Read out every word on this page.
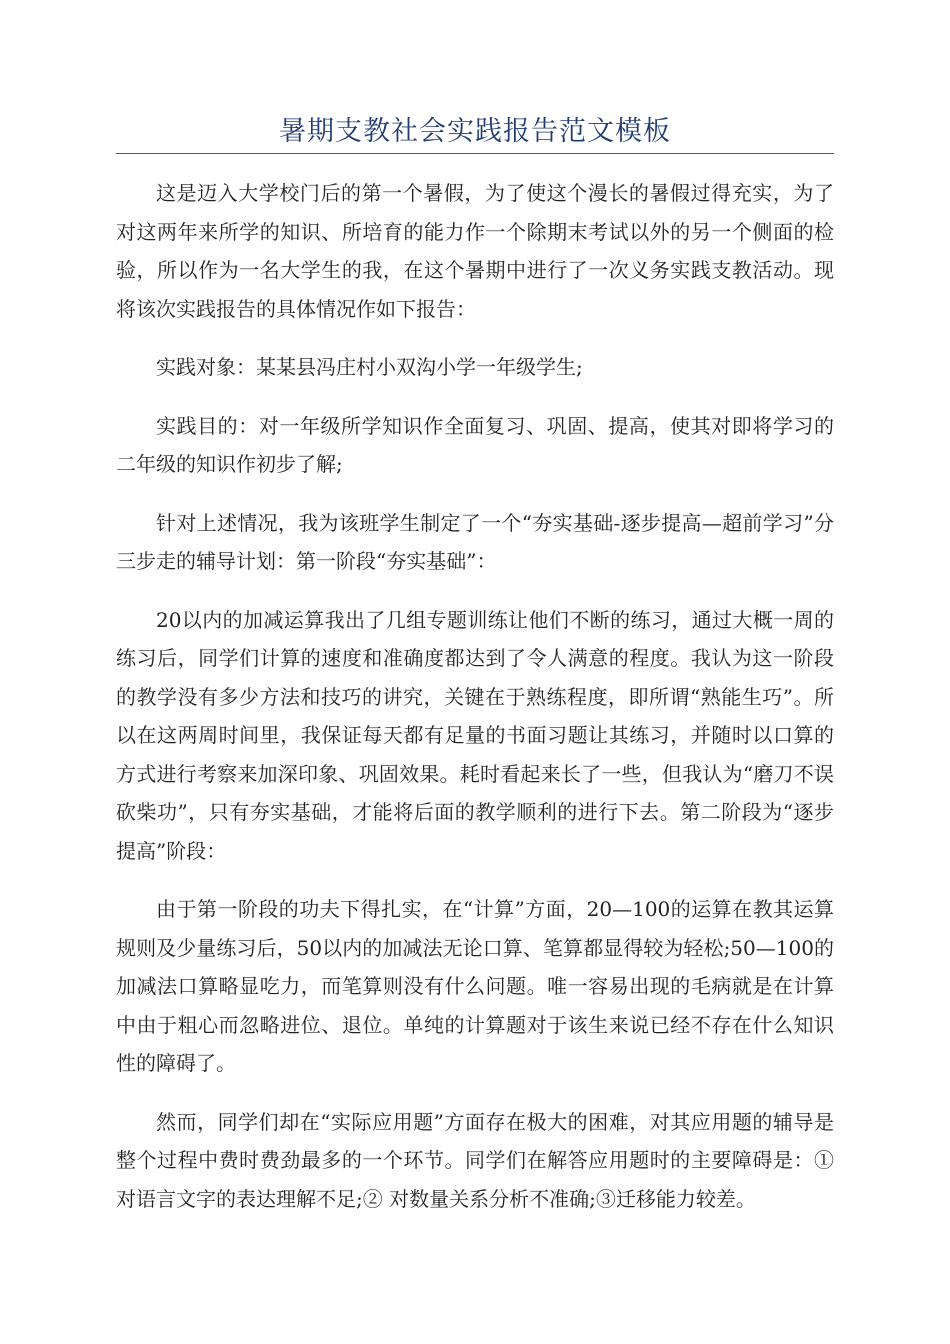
暑期支教社会实践报告范文模板

这是迈入大学校门后的第一个暑假，为了使这个漫长的暑假过得充实，为了对这两年来所学的知识、所培育的能力作一个除期末考试以外的另一个侧面的检验，所以作为一名大学生的我，在这个暑期中进行了一次义务实践支教活动。现将该次实践报告的具体情况作如下报告：

实践对象：某某县冯庄村小双沟小学一年级学生;

实践目的：对一年级所学知识作全面复习、巩固、提高，使其对即将学习的二年级的知识作初步了解;

针对上述情况，我为该班学生制定了一个“夯实基础-逐步提高—超前学习”分三步走的辅导计划：第一阶段“夯实基础”：

20以内的加减运算我出了几组专题训练让他们不断的练习，通过大概一周的练习后，同学们计算的速度和准确度都达到了令人满意的程度。我认为这一阶段的教学没有多少方法和技巧的讲究，关键在于熟练程度，即所谓“熟能生巧”。所以在这两周时间里，我保证每天都有足量的书面习题让其练习，并随时以口算的方式进行考察来加深印象、巩固效果。耗时看起来长了一些，但我认为“磨刀不误砍柴功”，只有夯实基础，才能将后面的教学顺利的进行下去。第二阶段为“逐步提高”阶段：

由于第一阶段的功夫下得扎实，在“计算”方面，20—100的运算在教其运算规则及少量练习后，50以内的加减法无论口算、笔算都显得较为轻松;50—100的加减法口算略显吃力，而笔算则没有什么问题。唯一容易出现的毛病就是在计算中由于粗心而忽略进位、退位。单纯的计算题对于该生来说已经不存在什么知识性的障碍了。

然而，同学们却在“实际应用题”方面存在极大的困难，对其应用题的辅导是整个过程中费时费劲最多的一个环节。同学们在解答应用题时的主要障碍是：①对语言文字的表达理解不足;② 对数量关系分析不准确;③迁移能力较差。
